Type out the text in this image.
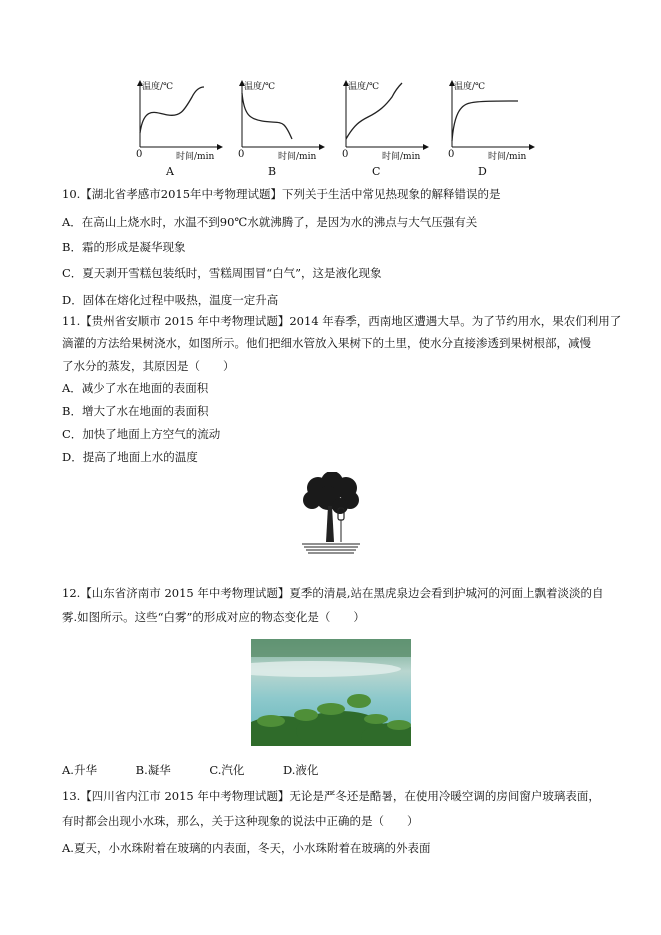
温度/℃
0	时间/min
A
温度/℃
0	时间/min
B
温度/℃
0	时间/min
C
温度/℃
0	时间/min
D
10.【湖北省孝感市2015年中考物理试题】下列关于生活中常见热现象的解释错误的是
A．在高山上烧水时，水温不到90℃水就沸腾了，是因为水的沸点与大气压强有关
B．霜的形成是凝华现象
C．夏天剥开雪糕包装纸时，雪糕周围冒“白气”，这是液化现象
D．固体在熔化过程中吸热，温度一定升高
11.【贵州省安顺市 2015 年中考物理试题】2014 年春季，西南地区遭遇大旱。为了节约用水，果农们利用了
滴灌的方法给果树浇水，如图所示。他们把细水管放入果树下的土里，使水分直接渗透到果树根部，减慢
了水分的蒸发，其原因是（　　）
A．减少了水在地面的表面积
B．增大了水在地面的表面积
C．加快了地面上方空气的流动
D．提高了地面上水的温度
12.【山东省济南市 2015 年中考物理试题】夏季的清晨,站在黑虎泉边会看到护城河的河面上飘着淡淡的自
雾.如图所示。这些“白雾”的形成对应的物态变化是（　　）
A.升华	B.凝华	C.汽化	D.液化
13.【四川省内江市 2015 年中考物理试题】无论是严冬还是酷暑，在使用冷暖空调的房间窗户玻璃表面，
有时都会出现小水珠，那么，关于这种现象的说法中正确的是（　　）
A.夏天，小水珠附着在玻璃的内表面，冬天，小水珠附着在玻璃的外表面
